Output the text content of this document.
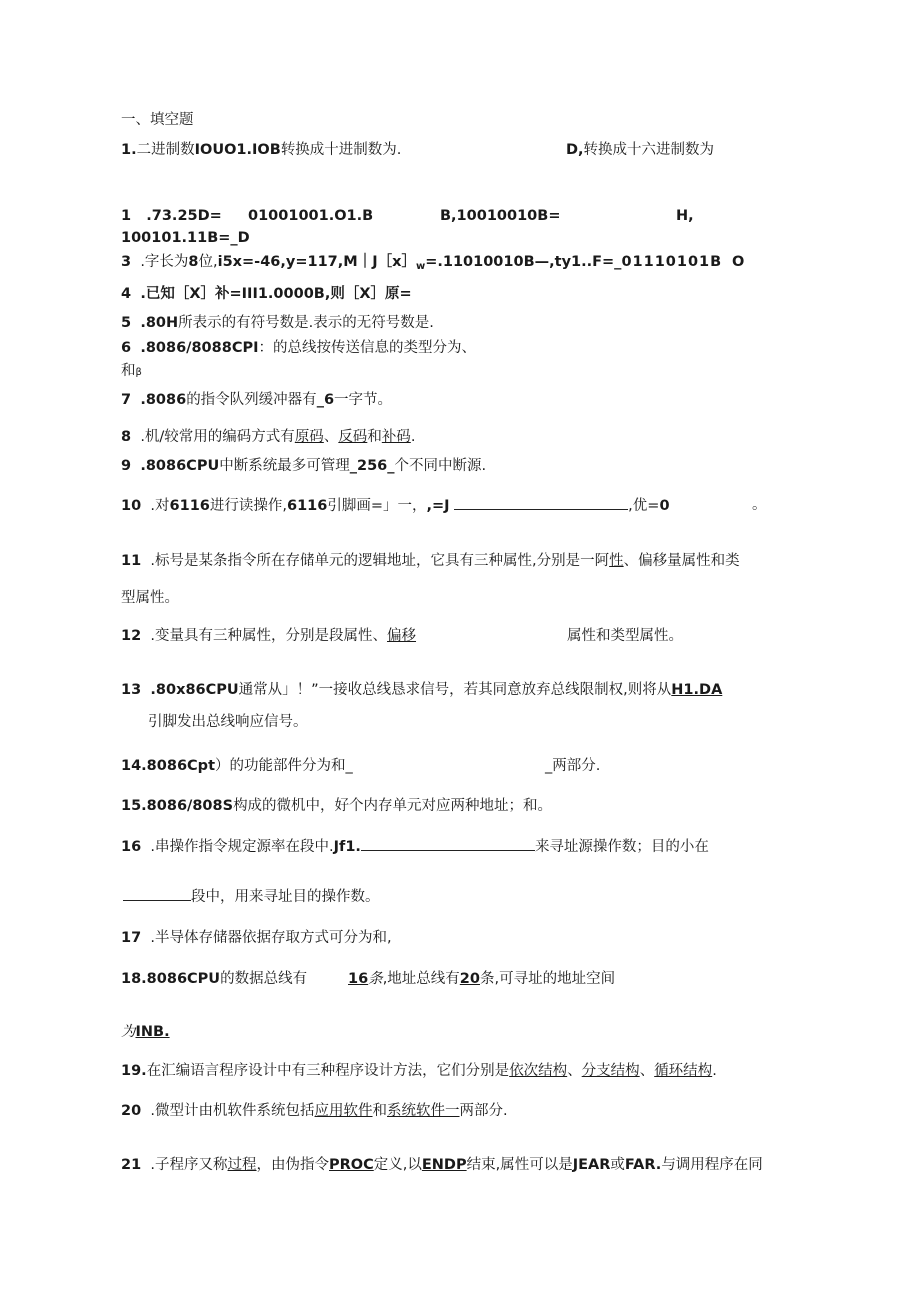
一、填空题
1.二进制数IOUO1.IOB转换成十进制数为.	D,转换成十六进制数为
1 .73.25D= 01001001.O1.B	B,10010010B=	H,
100101.11B=_D
3 .字长为8位$,i5x=-46,y=117,M|J[x]_w=.11010010B—,ty1..F=\_01110101B$ O
4 .已知［X］补=III1.0000B,则［X］原=
5 .80H所表示的有符号数是.表示的无符号数是.
6 .8086/8088CPI：的总线按传送信息的类型分为、
和β
7 .8086的指令队列缓冲器有_6一字节。
8 .机/较常用的编码方式有原码、反码和补码.
9 .8086CPU中断系统最多可管理_256_个不同中断源.
10 .对6116进行读操作,6116引脚画=」一，,=J	,优=0	。
11 .标号是某条指令所在存储单元的逻辑地址，它具有三种属性,分别是一阿性、偏移量属性和类
型属性。
12 .变量具有三种属性，分别是段属性、偏移	属性和类型属性。
13 .80x86CPU通常从」！”一接收总线恳求信号，若其同意放弃总线限制权,则将从H1.DA
引脚发出总线响应信号。
14.8086Cpt）的功能部件分为和_	_两部分.
15.8086/808S构成的微机中，好个内存单元对应两种地址；和。
16 .串操作指令规定源率在段中.Jf1.	来寻址源操作数；目的小在
段中，用来寻址目的操作数。
17 .半导体存储器依据存取方式可分为和,
18.8086CPU的数据总线有	16条,地址总线有20条,可寻址的地址空间
为INB.
19.在汇编语言程序设计中有三种程序设计方法，它们分别是依次结构、分支结构、循环结构.
20 .微型计由机软件系统包括应用软件和系统软件一两部分.
21 .子程序又称过程，由伪指令PROC定义,以ENDP结束,属性可以是JEAR或FAR.与调用程序在同
